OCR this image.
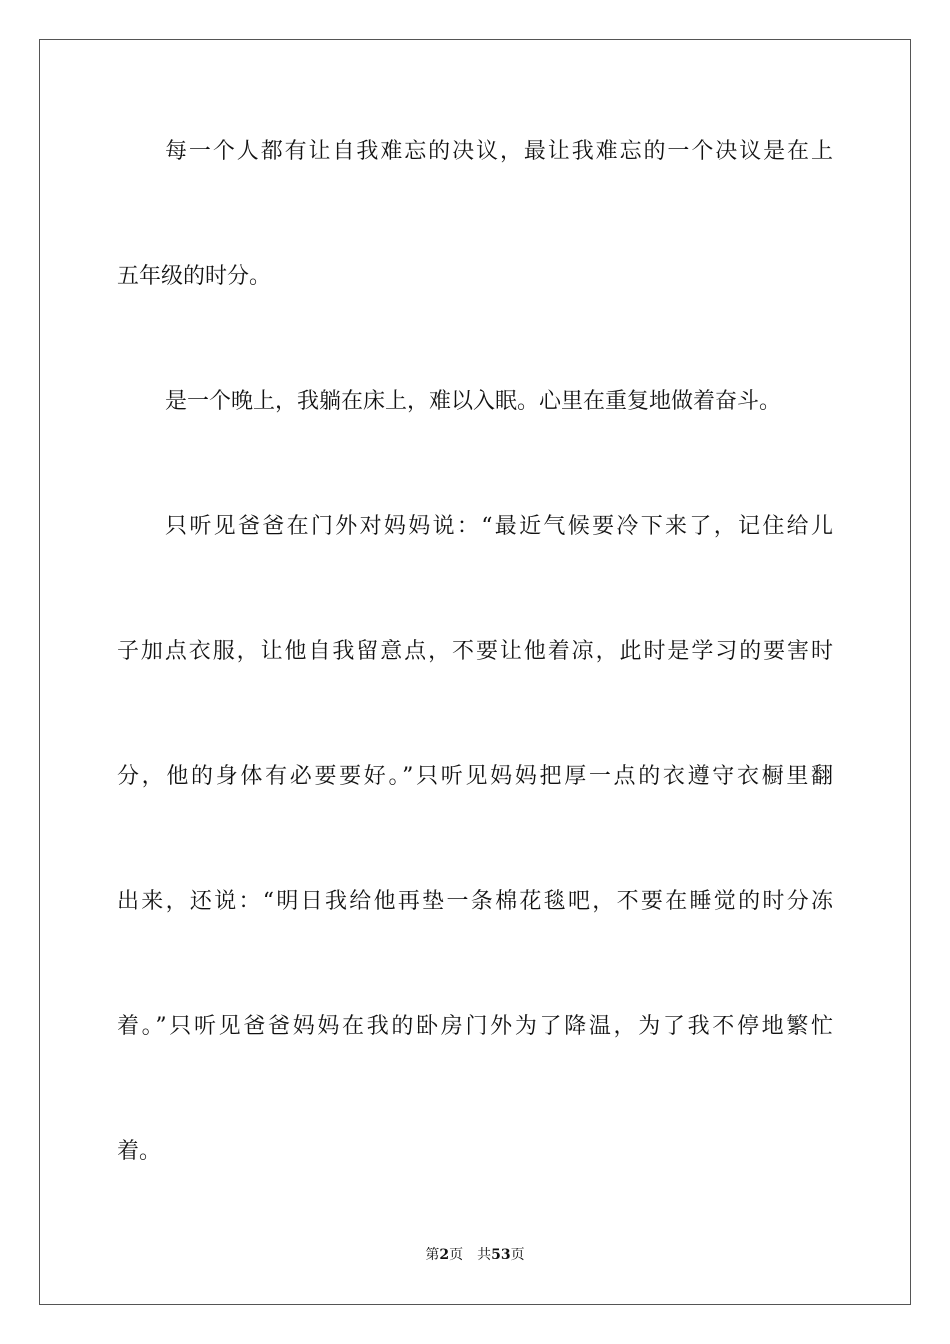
每一个人都有让自我难忘的决议，最让我难忘的一个决议是在上
五年级的时分。
是一个晚上，我躺在床上，难以入眠。心里在重复地做着奋斗。
只听见爸爸在门外对妈妈说：“最近气候要冷下来了，记住给儿
子加点衣服，让他自我留意点，不要让他着凉，此时是学习的要害时
分，他的身体有必要要好。”只听见妈妈把厚一点的衣遵守衣橱里翻
出来，还说：“明日我给他再垫一条棉花毯吧，不要在睡觉的时分冻
着。”只听见爸爸妈妈在我的卧房门外为了降温，为了我不停地繁忙
着。
第2页 共53页
